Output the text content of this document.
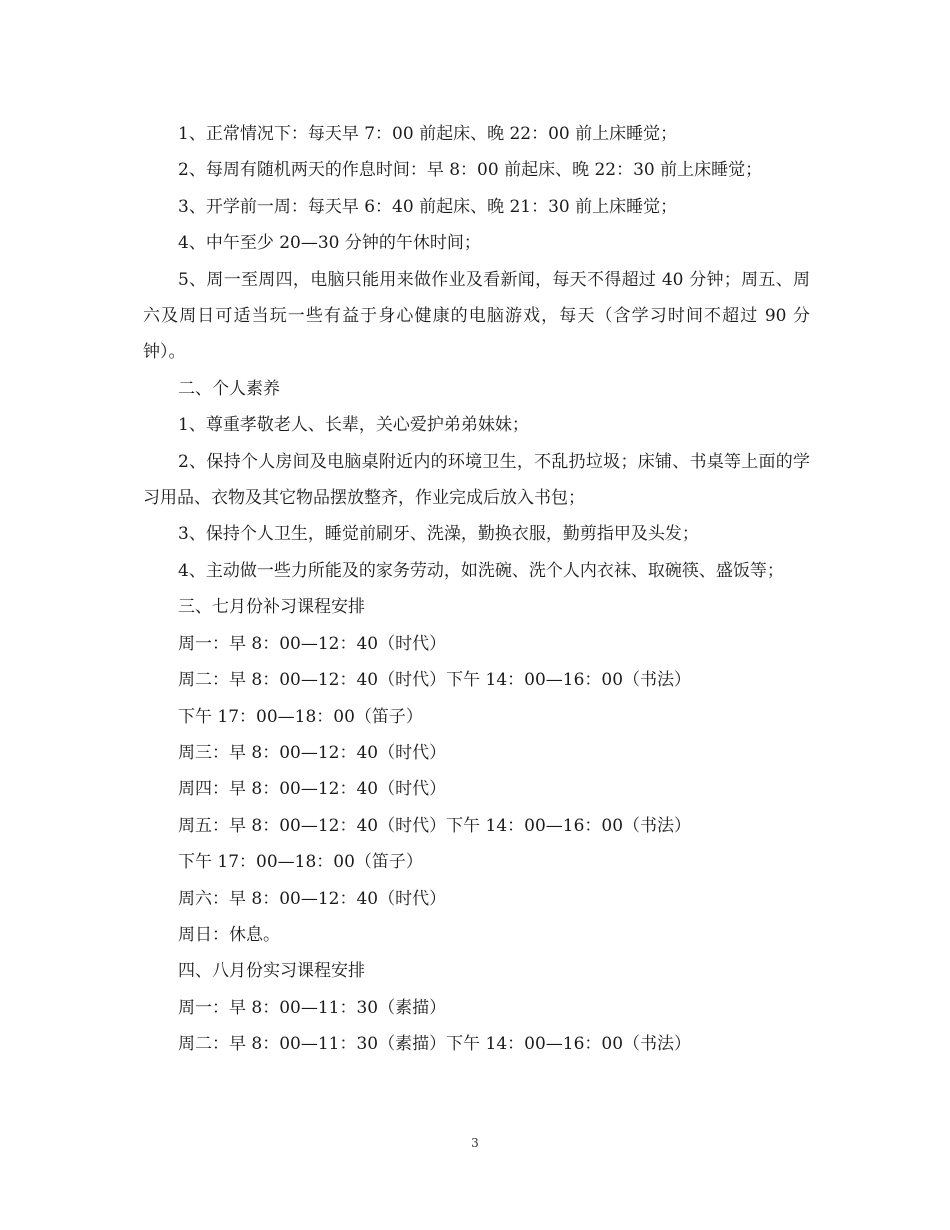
1、正常情况下：每天早 7：00 前起床、晚 22：00 前上床睡觉；

2、每周有随机两天的作息时间：早 8：00 前起床、晚 22：30 前上床睡觉；

3、开学前一周：每天早 6：40 前起床、晚 21：30 前上床睡觉；

4、中午至少 20—30 分钟的午休时间；

5、周一至周四，电脑只能用来做作业及看新闻，每天不得超过 40 分钟；周五、周六及周日可适当玩一些有益于身心健康的电脑游戏，每天（含学习时间不超过 90 分钟）。

二、个人素养

1、尊重孝敬老人、长辈，关心爱护弟弟妹妹；

2、保持个人房间及电脑桌附近内的环境卫生，不乱扔垃圾；床铺、书桌等上面的学习用品、衣物及其它物品摆放整齐，作业完成后放入书包；

3、保持个人卫生，睡觉前刷牙、洗澡，勤换衣服，勤剪指甲及头发；

4、主动做一些力所能及的家务劳动，如洗碗、洗个人内衣袜、取碗筷、盛饭等；

三、七月份补习课程安排

周一：早 8：00—12：40（时代）

周二：早 8：00—12：40（时代）下午 14：00—16：00（书法）

下午 17：00—18：00（笛子）

周三：早 8：00—12：40（时代）

周四：早 8：00—12：40（时代）

周五：早 8：00—12：40（时代）下午 14：00—16：00（书法）

下午 17：00—18：00（笛子）

周六：早 8：00—12：40（时代）

周日：休息。

四、八月份实习课程安排

周一：早 8：00—11：30（素描）

周二：早 8：00—11：30（素描）下午 14：00—16：00（书法）

3
